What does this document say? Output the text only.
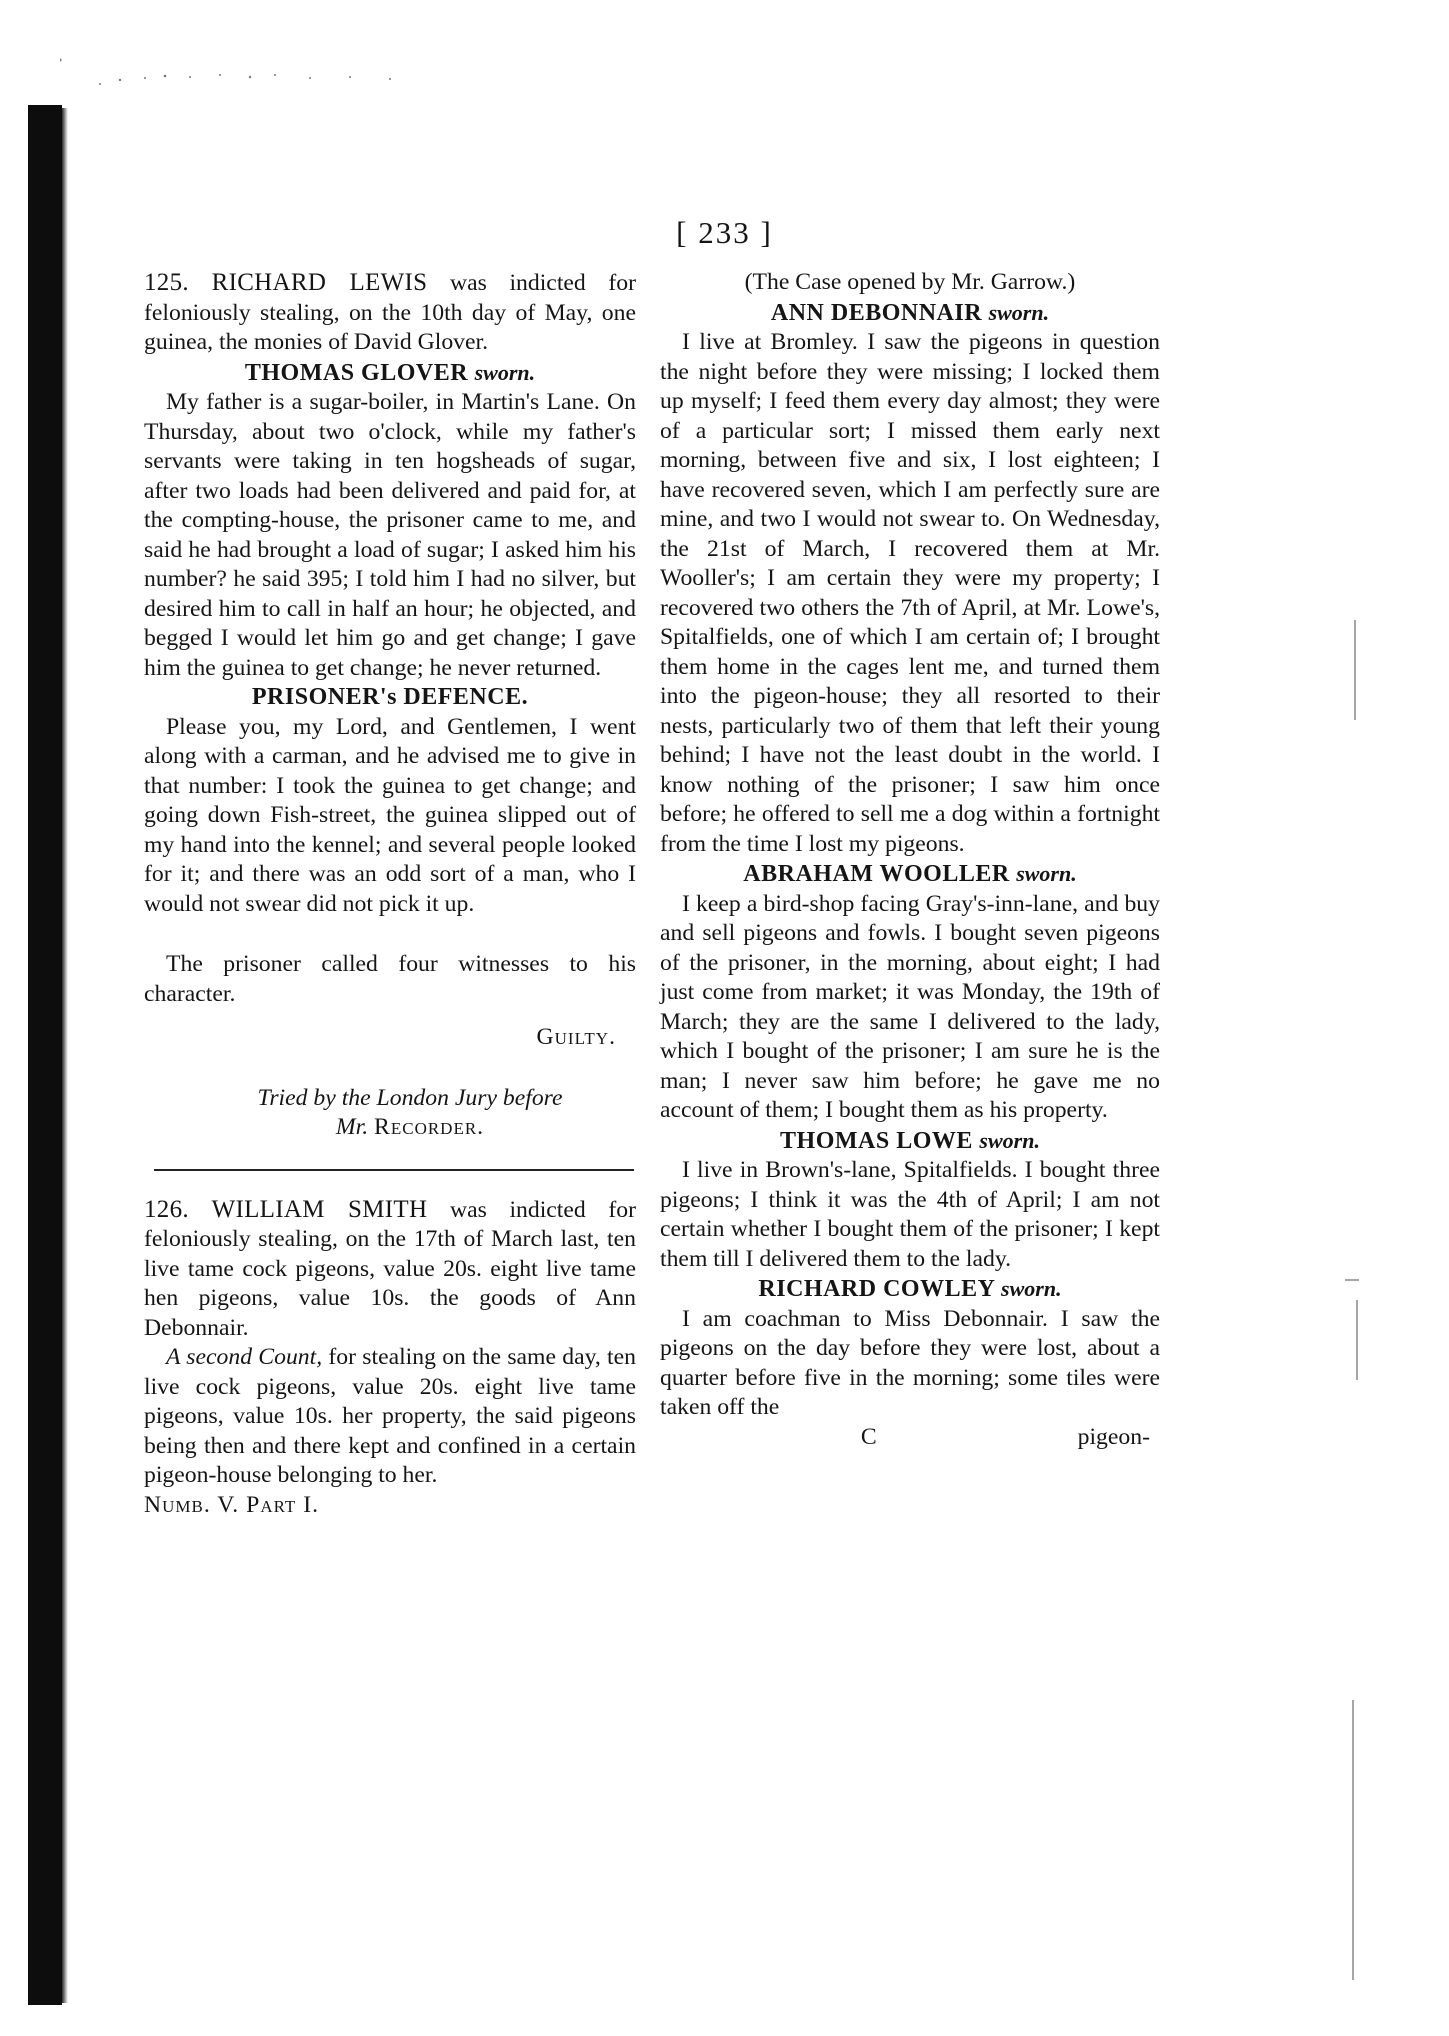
[ 233 ]

125. RICHARD LEWIS was indicted for feloniously stealing, on the 10th day of May, one guinea, the monies of David Glover.

THOMAS GLOVER sworn.

My father is a sugar-boiler, in Martin's Lane. On Thursday, about two o'clock, while my father's servants were taking in ten hogsheads of sugar, after two loads had been delivered and paid for, at the compting-house, the prisoner came to me, and said he had brought a load of sugar; I asked him his number? he said 395; I told him I had no silver, but desired him to call in half an hour; he objected, and begged I would let him go and get change; I gave him the guinea to get change; he never returned.

PRISONER's DEFENCE.

Please you, my Lord, and Gentlemen, I went along with a carman, and he advised me to give in that number: I took the guinea to get change; and going down Fish-street, the guinea slipped out of my hand into the kennel; and several people looked for it; and there was an odd sort of a man, who I would not swear did not pick it up.

The prisoner called four witnesses to his character.

Guilty.

Tried by the London Jury before

Mr. Recorder.

126. WILLIAM SMITH was indicted for feloniously stealing, on the 17th of March last, ten live tame cock pigeons, value 20s. eight live tame hen pigeons, value 10s. the goods of Ann Debonnair.

A second Count, for stealing on the same day, ten live cock pigeons, value 20s. eight live tame pigeons, value 10s. her property, the said pigeons being then and there kept and confined in a certain pigeon-house belonging to her.

Numb. V. Part I.

(The Case opened by Mr. Garrow.)

ANN DEBONNAIR sworn.

I live at Bromley. I saw the pigeons in question the night before they were missing; I locked them up myself; I feed them every day almost; they were of a particular sort; I missed them early next morning, between five and six, I lost eighteen; I have recovered seven, which I am perfectly sure are mine, and two I would not swear to. On Wednesday, the 21st of March, I recovered them at Mr. Wooller's; I am certain they were my property; I recovered two others the 7th of April, at Mr. Lowe's, Spitalfields, one of which I am certain of; I brought them home in the cages lent me, and turned them into the pigeon-house; they all resorted to their nests, particularly two of them that left their young behind; I have not the least doubt in the world. I know nothing of the prisoner; I saw him once before; he offered to sell me a dog within a fortnight from the time I lost my pigeons.

ABRAHAM WOOLLER sworn.

I keep a bird-shop facing Gray's-inn-lane, and buy and sell pigeons and fowls. I bought seven pigeons of the prisoner, in the morning, about eight; I had just come from market; it was Monday, the 19th of March; they are the same I delivered to the lady, which I bought of the prisoner; I am sure he is the man; I never saw him before; he gave me no account of them; I bought them as his property.

THOMAS LOWE sworn.

I live in Brown's-lane, Spitalfields. I bought three pigeons; I think it was the 4th of April; I am not certain whether I bought them of the prisoner; I kept them till I delivered them to the lady.

RICHARD COWLEY sworn.

I am coachman to Miss Debonnair. I saw the pigeons on the day before they were lost, about a quarter before five in the morning; some tiles were taken off the

C	pigeon-
